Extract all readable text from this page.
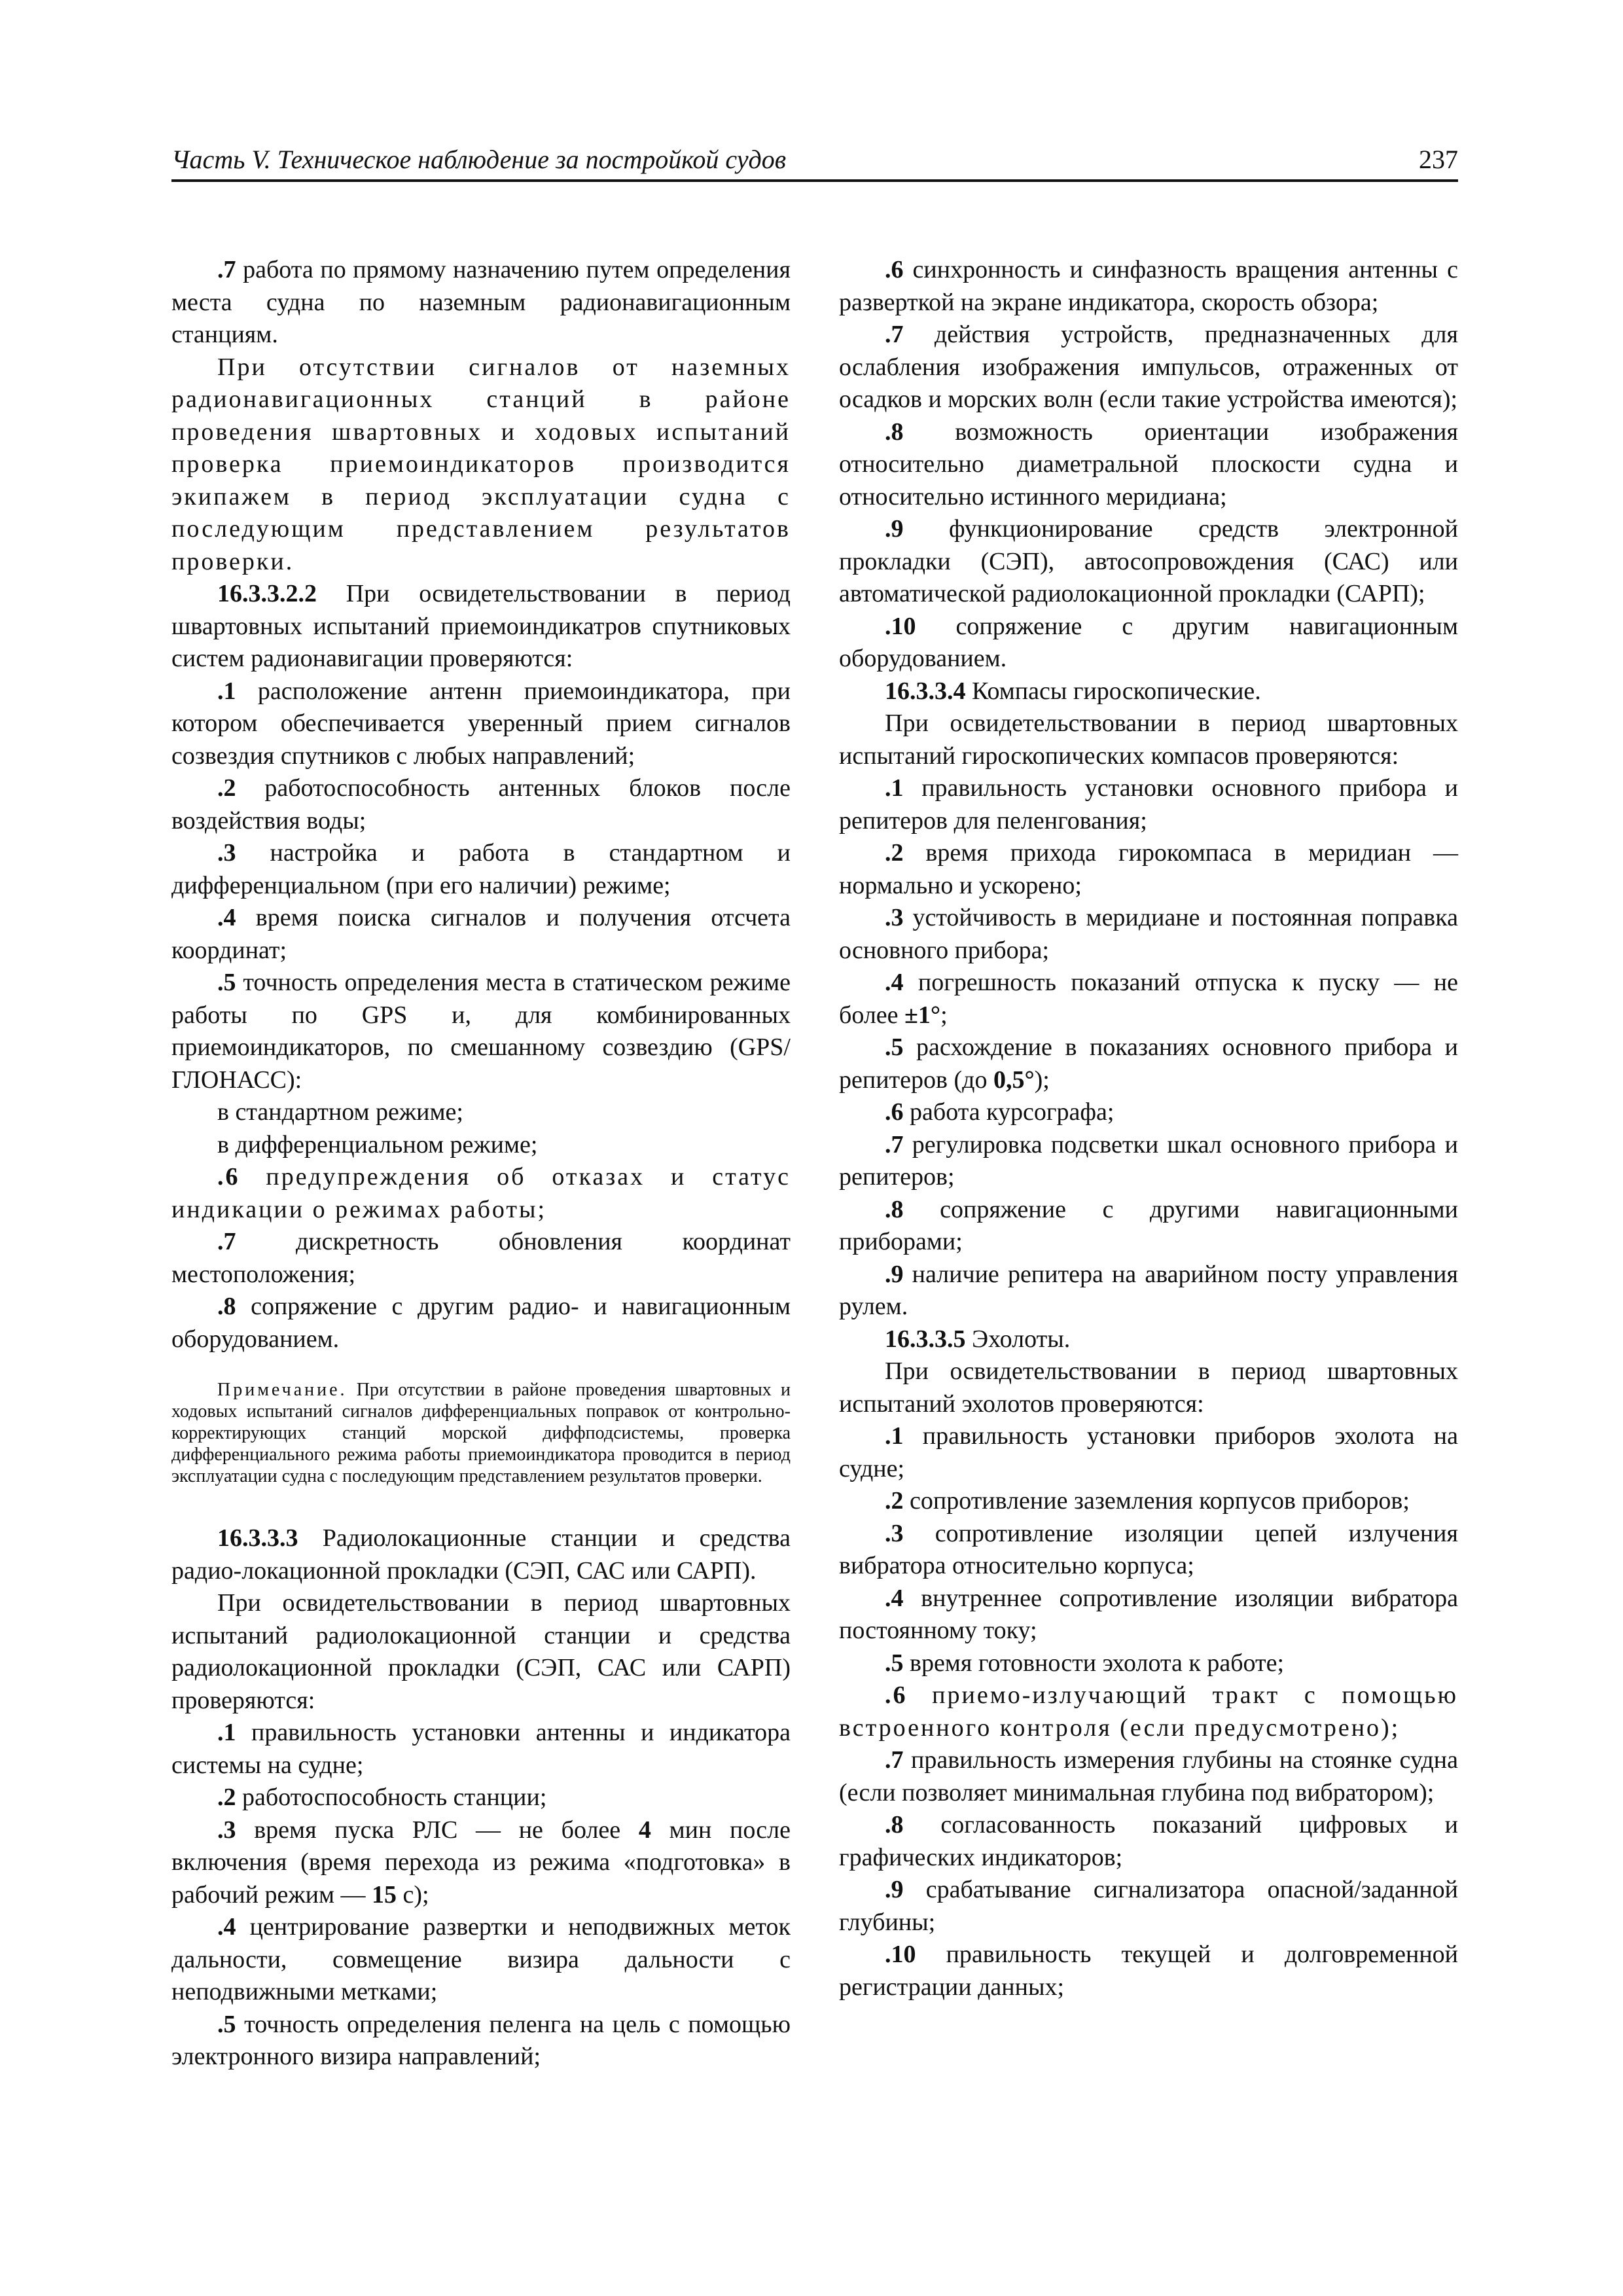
Часть V. Техническое наблюдение за постройкой судов	237

.7 работа по прямому назначению путем определения места судна по наземным радионавигационным станциям.

При отсутствии сигналов от наземных радионавигационных станций в районе проведения швартовных и ходовых испытаний проверка приемоиндикаторов производится экипажем в период эксплуатации судна с последующим представлением результатов проверки.

16.3.3.2.2 При освидетельствовании в период швартовных испытаний приемоиндикатров спутниковых систем радионавигации проверяются:

.1 расположение антенн приемоиндикатора, при котором обеспечивается уверенный прием сигналов созвездия спутников с любых направлений;

.2 работоспособность антенных блоков после воздействия воды;

.3 настройка и работа в стандартном и дифференциальном (при его наличии) режиме;

.4 время поиска сигналов и получения отсчета координат;

.5 точность определения места в статическом режиме работы по GPS и, для комбинированных приемоиндикаторов, по смешанному созвездию (GPS/ГЛОНАСС):

в стандартном режиме;

в дифференциальном режиме;

.6 предупреждения об отказах и статус индикации о режимах работы;

.7 дискретность обновления координат местоположения;

.8 сопряжение с другим радио- и навигационным оборудованием.

Примечание. При отсутствии в районе проведения швартовных и ходовых испытаний сигналов дифференциальных поправок от контрольно-корректирующих станций морской диффподсистемы, проверка дифференциального режима работы приемоиндикатора проводится в период эксплуатации судна с последующим представлением результатов проверки.

16.3.3.3 Радиолокационные станции и средства радио-локационной прокладки (СЭП, САС или САРП).

При освидетельствовании в период швартовных испытаний радиолокационной станции и средства радиолокационной прокладки (СЭП, САС или САРП) проверяются:

.1 правильность установки антенны и индикатора системы на судне;

.2 работоспособность станции;

.3 время пуска РЛС — не более 4 мин после включения (время перехода из режима «подготовка» в рабочий режим — 15 с);

.4 центрирование развертки и неподвижных меток дальности, совмещение визира дальности с неподвижными метками;

.5 точность определения пеленга на цель с помощью электронного визира направлений;

.6 синхронность и синфазность вращения антенны с разверткой на экране индикатора, скорость обзора;

.7 действия устройств, предназначенных для ослабления изображения импульсов, отраженных от осадков и морских волн (если такие устройства имеются);

.8 возможность ориентации изображения относительно диаметральной плоскости судна и относительно истинного меридиана;

.9 функционирование средств электронной прокладки (СЭП), автосопровождения (САС) или автоматической радиолокационной прокладки (САРП);

.10 сопряжение с другим навигационным оборудованием.

16.3.3.4 Компасы гироскопические.

При освидетельствовании в период швартовных испытаний гироскопических компасов проверяются:

.1 правильность установки основного прибора и репитеров для пеленгования;

.2 время прихода гирокомпаса в меридиан — нормально и ускорено;

.3 устойчивость в меридиане и постоянная поправка основного прибора;

.4 погрешность показаний отпуска к пуску — не более ±1°;

.5 расхождение в показаниях основного прибора и репитеров (до 0,5°);

.6 работа курсографа;

.7 регулировка подсветки шкал основного прибора и репитеров;

.8 сопряжение с другими навигационными приборами;

.9 наличие репитера на аварийном посту управления рулем.

16.3.3.5 Эхолоты.

При освидетельствовании в период швартовных испытаний эхолотов проверяются:

.1 правильность установки приборов эхолота на судне;

.2 сопротивление заземления корпусов приборов;

.3 сопротивление изоляции цепей излучения вибратора относительно корпуса;

.4 внутреннее сопротивление изоляции вибратора постоянному току;

.5 время готовности эхолота к работе;

.6 приемо-излучающий тракт с помощью встроенного контроля (если предусмотрено);

.7 правильность измерения глубины на стоянке судна (если позволяет минимальная глубина под вибратором);

.8 согласованность показаний цифровых и графических индикаторов;

.9 срабатывание сигнализатора опасной/заданной глубины;

.10 правильность текущей и долговременной регистрации данных;
